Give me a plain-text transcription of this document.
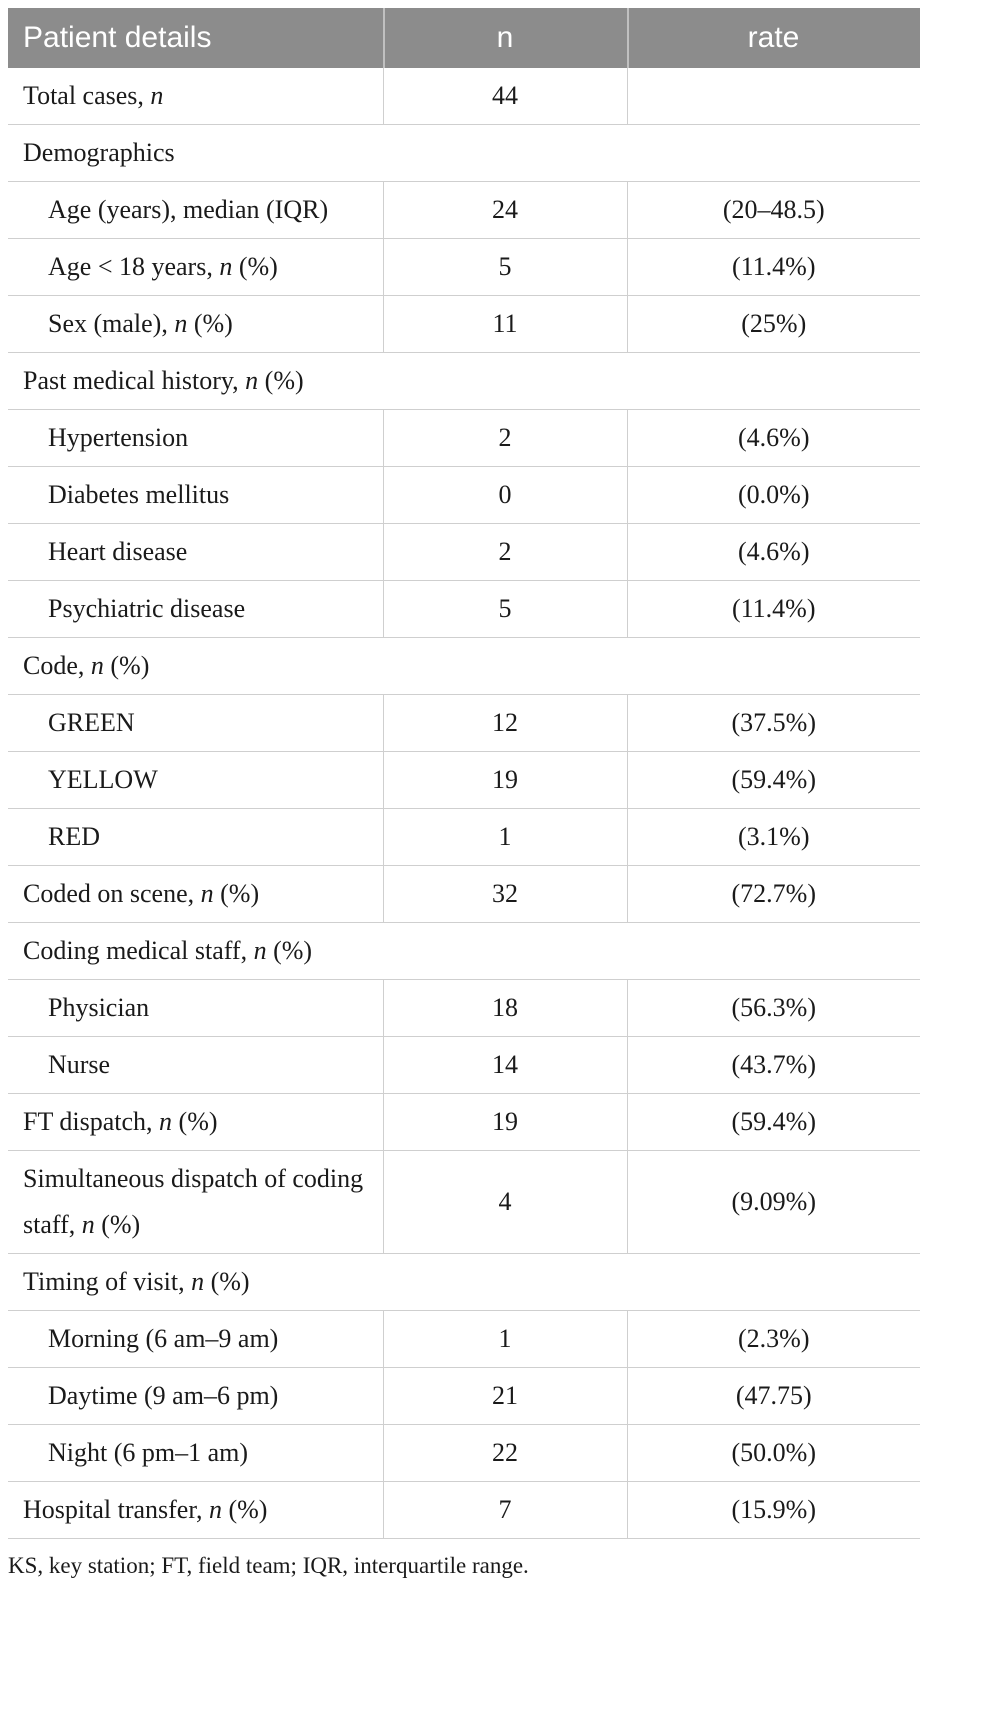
Patient details	n	rate
Total cases, n	44	
Demographics		
Age (years), median (IQR)	24	(20–48.5)
Age < 18 years, n (%)	5	(11.4%)
Sex (male), n (%)	11	(25%)
Past medical history, n (%)		
Hypertension	2	(4.6%)
Diabetes mellitus	0	(0.0%)
Heart disease	2	(4.6%)
Psychiatric disease	5	(11.4%)
Code, n (%)		
GREEN	12	(37.5%)
YELLOW	19	(59.4%)
RED	1	(3.1%)
Coded on scene, n (%)	32	(72.7%)
Coding medical staff, n (%)		
Physician	18	(56.3%)
Nurse	14	(43.7%)
FT dispatch, n (%)	19	(59.4%)
Simultaneous dispatch of coding staff, n (%)	4	(9.09%)
Timing of visit, n (%)		
Morning (6 am–9 am)	1	(2.3%)
Daytime (9 am–6 pm)	21	(47.75)
Night (6 pm–1 am)	22	(50.0%)
Hospital transfer, n (%)	7	(15.9%)
KS, key station; FT, field team; IQR, interquartile range.
